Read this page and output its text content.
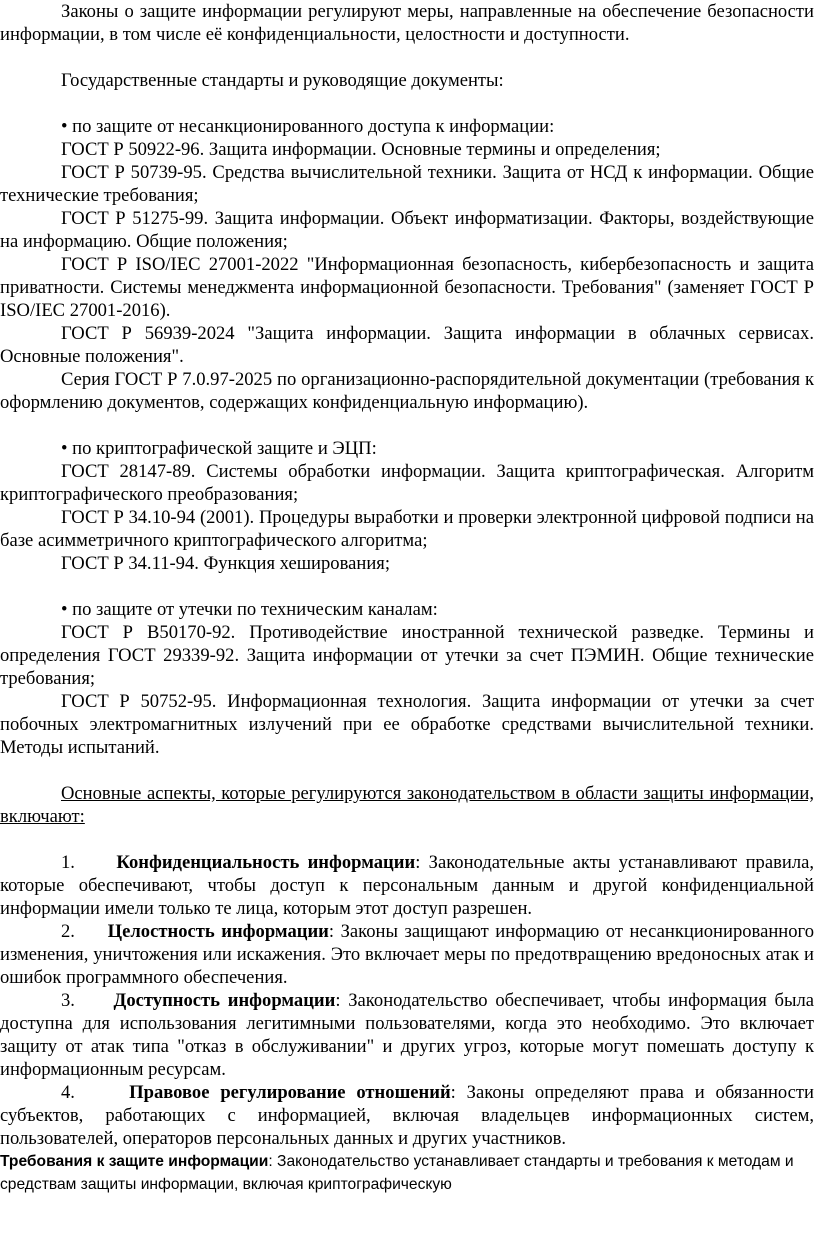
Законы о защите информации регулируют меры, направленные на обеспечение безопасности информации, в том числе её конфиденциальности, целостности и доступности.

Государственные стандарты и руководящие документы:

• по защите от несанкционированного доступа к информации:

ГОСТ Р 50922-96. Защита информации. Основные термины и определения;

ГОСТ Р 50739-95. Средства вычислительной техники. Защита от НСД к информации. Общие технические требования;

ГОСТ Р 51275-99. Защита информации. Объект информатизации. Факторы, воздействующие на информацию. Общие положения;

ГОСТ Р ISO/IEC 27001-2022 "Информационная безопасность, кибербезопасность и защита приватности. Системы менеджмента информационной безопасности. Требования" (заменяет ГОСТ Р ISO/IEC 27001-2016).

ГОСТ Р 56939-2024 "Защита информации. Защита информации в облачных сервисах. Основные положения".

Серия ГОСТ Р 7.0.97-2025 по организационно-распорядительной документации (требования к оформлению документов, содержащих конфиденциальную информацию).

• по криптографической защите и ЭЦП:

ГОСТ 28147-89. Системы обработки информации. Защита криптографическая. Алгоритм криптографического преобразования;

ГОСТ Р 34.10-94 (2001). Процедуры выработки и проверки электронной цифровой подписи на базе асимметричного криптографического алгоритма;

ГОСТ Р 34.11-94. Функция хеширования;

• по защите от утечки по техническим каналам:

ГОСТ Р В50170-92. Противодействие иностранной технической разведке. Термины и определения ГОСТ 29339-92. Защита информации от утечки за счет ПЭМИН. Общие технические требования;

ГОСТ Р 50752-95. Информационная технология. Защита информации от утечки за счет побочных электромагнитных излучений при ее обработке средствами вычислительной техники. Методы испытаний.

Основные аспекты, которые регулируются законодательством в области защиты информации, включают:

1. Конфиденциальность информации: Законодательные акты устанавливают правила, которые обеспечивают, чтобы доступ к персональным данным и другой конфиденциальной информации имели только те лица, которым этот доступ разрешен.

2. Целостность информации: Законы защищают информацию от несанкционированного изменения, уничтожения или искажения. Это включает меры по предотвращению вредоносных атак и ошибок программного обеспечения.

3. Доступность информации: Законодательство обеспечивает, чтобы информация была доступна для использования легитимными пользователями, когда это необходимо. Это включает защиту от атак типа "отказ в обслуживании" и других угроз, которые могут помешать доступу к информационным ресурсам.

4.	Правовое регулирование отношений: Законы определяют права и обязанности субъектов, работающих с информацией, включая владельцев информационных систем, пользователей, операторов персональных данных и других участников.

Требования к защите информации: Законодательство устанавливает стандарты и требования к методам и средствам защиты информации, включая криптографическую
